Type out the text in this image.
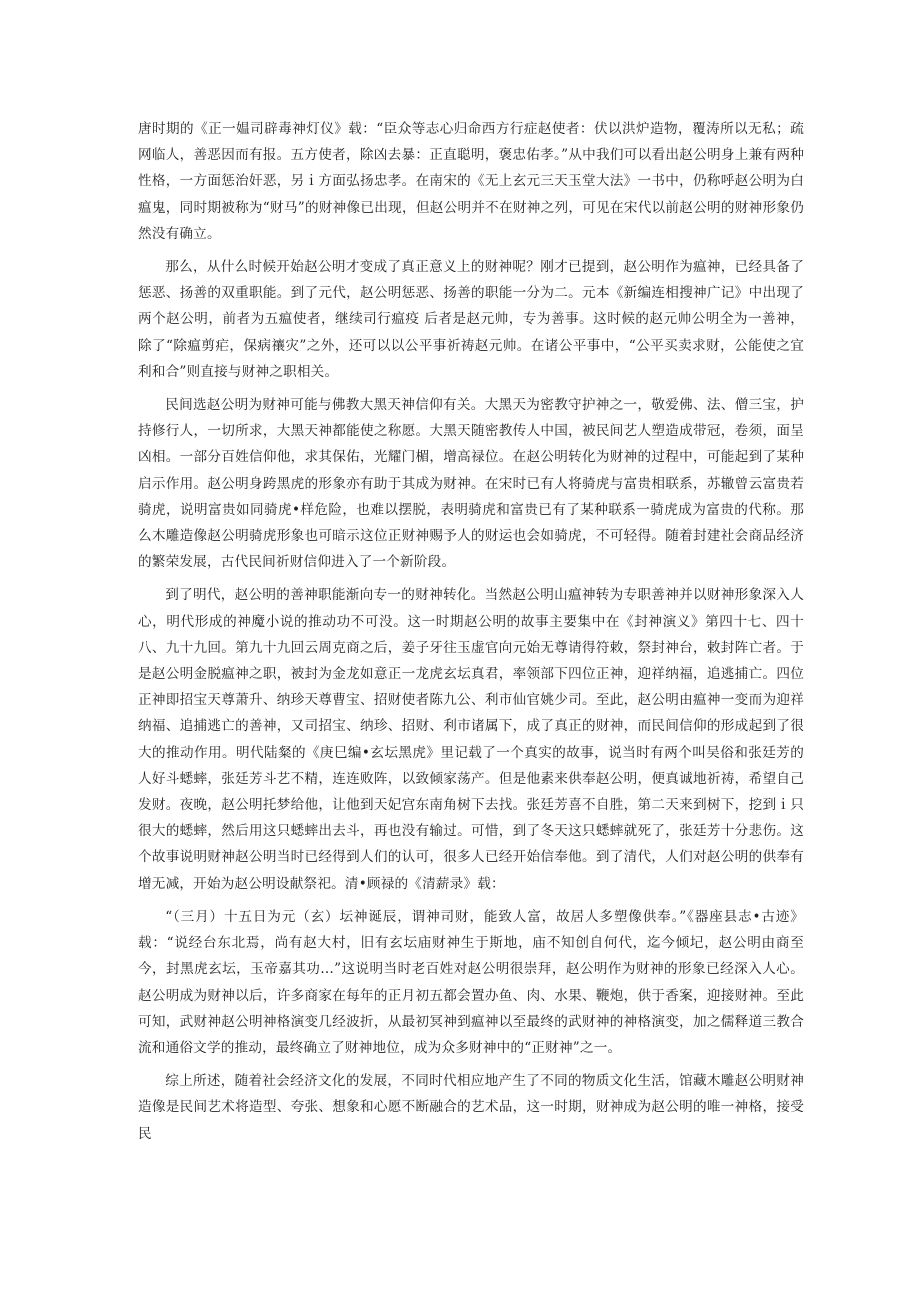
唐时期的《正一媪司辟毒神灯仪》载：“臣众等志心归命西方行症赵使者：伏以洪炉造物，覆涛所以无私；疏网临人，善恶因而有报。五方使者，除凶去暴：正直聪明，褒忠佑孝。”从中我们可以看出赵公明身上兼有两种性格，一方面惩治奸恶，另ｉ方面弘扬忠孝。在南宋的《无上玄元三天玉堂大法》一书中，仍称呼赵公明为白瘟鬼，同时期被称为“财马”的财神像已出现，但赵公明并不在财神之列，可见在宋代以前赵公明的财神形象仍然没有确立。

那么，从什么时候开始赵公明才变成了真正意义上的财神呢？刚才已提到，赵公明作为瘟神，已经具备了惩恶、扬善的双重职能。到了元代，赵公明惩恶、扬善的职能一分为二。元本《新编连相搜神广记》中出现了两个赵公明，前者为五瘟使者，继续司行瘟疫 后者是赵元帅，专为善事。这时候的赵元帅公明全为一善神，除了“除瘟剪疟，保病禳灾”之外，还可以以公平事祈祷赵元帅。在诸公平事中，“公平买卖求财，公能使之宜利和合”则直接与财神之职相关。

民间选赵公明为财神可能与佛教大黑天神信仰有关。大黑天为密教守护神之一，敬爱佛、法、僧三宝，护持修行人，一切所求，大黑天神都能使之称愿。大黑天随密教传人中国，被民间艺人塑造成带冠，卷须，面呈凶相。一部分百姓信仰他，求其保佑，光耀门楣，增高禄位。在赵公明转化为财神的过程中，可能起到了某种启示作用。赵公明身跨黑虎的形象亦有助于其成为财神。在宋时已有人将骑虎与富贵相联系，苏辙曾云富贵若骑虎，说明富贵如同骑虎•样危险，也难以摆脱，表明骑虎和富贵已有了某种联系一骑虎成为富贵的代称。那么木雕造像赵公明骑虎形象也可暗示这位正财神赐予人的财运也会如骑虎，不可轻得。随着封建社会商品经济的繁荣发展，古代民间祈财信仰进入了一个新阶段。

到了明代，赵公明的善神职能渐向专一的财神转化。当然赵公明山瘟神转为专职善神并以财神形象深入人心，明代形成的神魔小说的推动功不可没。这一时期赵公明的故事主要集中在《封神演义》第四十七、四十八、九十九回。第九十九回云周克商之后，姜子牙往玉虚官向元始无尊请得符敕，祭封神台，敕封阵亡者。于是赵公明金脱瘟神之职，被封为金龙如意正一龙虎玄坛真君，率领部下四位正神，迎祥纳福，追逃捕亡。四位正神即招宝天尊萧升、纳珍天尊曹宝、招财使者陈九公、利市仙官姚少司。至此，赵公明由瘟神一变而为迎祥纳福、追捕逃亡的善神，又司招宝、纳珍、招财、利市诸属下，成了真正的财神，而民间信仰的形成起到了很大的推动作用。明代陆粲的《庚巳编•玄坛黑虎》里记载了一个真实的故事，说当时有两个叫吴俗和张廷芳的人好斗蟋蟀，张廷芳斗艺不精，连连败阵，以致倾家荡产。但是他素来供奉赵公明，便真诚地祈祷，希望自己发财。夜晚，赵公明托梦给他，让他到天妃宫东南角树下去找。张廷芳喜不自胜，第二天来到树下，挖到ｉ只很大的蟋蟀，然后用这只蟋蟀出去斗，再也没有输过。可惜，到了冬天这只蟋蟀就死了，张廷芳十分悲伤。这个故事说明财神赵公明当时已经得到人们的认可，很多人已经开始信奉他。到了清代，人们对赵公明的供奉有增无减，开始为赵公明设献祭祀。清•顾禄的《清薪录》载：

“（三月）十五日为元（玄）坛神诞辰，谓神司财，能致人富，故居人多塑像供奉。”《器座县志•古迹》载：“说经台东北焉，尚有赵大村，旧有玄坛庙财神生于斯地，庙不知创自何代，迄今倾圮，赵公明由商至今，封黑虎玄坛，玉帝嘉其功…”这说明当时老百姓对赵公明很崇拜，赵公明作为财神的形象已经深入人心。赵公明成为财神以后，许多商家在每年的正月初五都会置办鱼、肉、水果、鞭炮，供于香案，迎接财神。至此可知，武财神赵公明神格演变几经波折，从最初冥神到瘟神以至最终的武财神的神格演变，加之儒释道三教合流和通俗文学的推动，最终确立了财神地位，成为众多财神中的“正财神”之一。

综上所述，随着社会经济文化的发展，不同时代相应地产生了不同的物质文化生活，馆藏木雕赵公明财神造像是民间艺术将造型、夸张、想象和心愿不断融合的艺术品，这一时期，财神成为赵公明的唯一神格，接受民
